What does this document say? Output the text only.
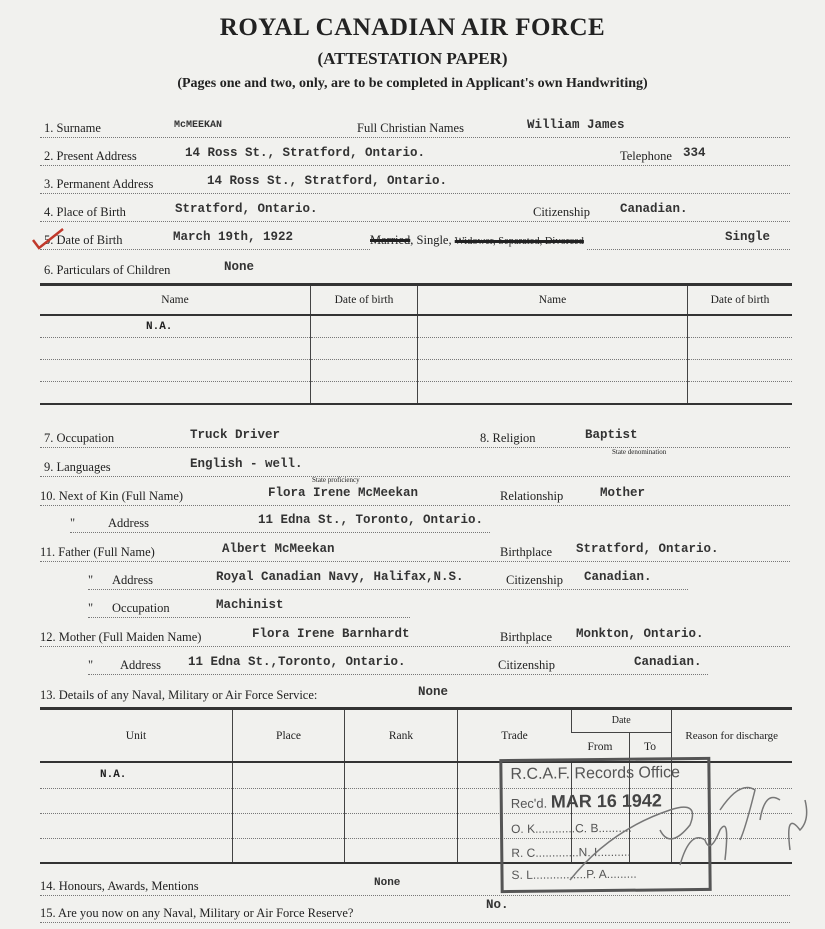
ROYAL CANADIAN AIR FORCE
(ATTESTATION PAPER)
(Pages one and two, only, are to be completed in Applicant's own Handwriting)
1. Surname	McMEEKAN	Full Christian Names	William James
2. Present Address	14 Ross St., Stratford, Ontario.	Telephone 334
3. Permanent Address	14 Ross St., Stratford, Ontario.
4. Place of Birth	Stratford, Ontario.	Citizenship Canadian.
5. Date of Birth	March 19th, 1922	Married, Single, Widower, Separated, Divorced	Single
6. Particulars of Children	None
Name	Date of birth	Name	Date of birth
N.A.			

7. Occupation	Truck Driver	8. Religion	Baptist
State denomination
9. Languages	English - well.
State proficiency
10. Next of Kin (Full Name)	Flora Irene McMeekan	Relationship	Mother
"	Address	11 Edna St., Toronto, Ontario.
11. Father (Full Name)	Albert McMeekan	Birthplace Stratford, Ontario.
" Address	Royal Canadian Navy, Halifax,N.S.	Citizenship Canadian.
" Occupation	Machinist
12. Mother (Full Maiden Name)	Flora Irene Barnhardt	Birthplace Monkton, Ontario.
" Address 11 Edna St.,Toronto, Ontario.	Citizenship	Canadian.
13. Details of any Naval, Military or Air Force Service:	None
Unit	Place	Rank	Trade	Date		Reason for discharge
				From	To	
N.A.						

14. Honours, Awards, Mentions	None
15. Are you now on any Naval, Military or Air Force Reserve?
No.
R.C.A.F. Records Office
Rec'd. MAR 16 1942
O. K............C. B..........
R. C.............N. I..........
S. L................P. A.........
